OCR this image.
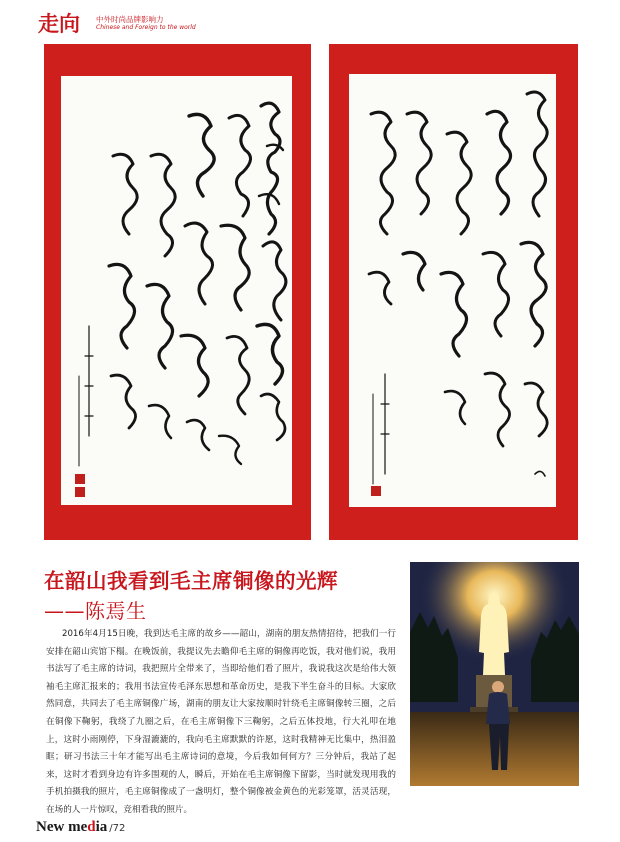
走向 中外时尚品牌影响力
Chinese and Foreign to the world
在韶山我看到毛主席铜像的光辉
——陈焉生
2016年4月15日晚，我到达毛主席的故乡——韶山，湖南的朋友热情招待，把我们一行安排在韶山宾馆下榻。在晚饭前，我提议先去瞻仰毛主席的铜像再吃饭，我对他们说，我用书法写了毛主席的诗词，我把照片全带来了，当即给他们看了照片，我说我这次是给伟大领袖毛主席汇报来的；我用书法宣传毛泽东思想和革命历史，是我下半生奋斗的目标。大家欣然同意，共同去了毛主席铜像广场，湖南的朋友让大家按顺时针绕毛主席铜像转三圈，之后在铜像下鞠躬，我绕了九圈之后，在毛主席铜像下三鞠躬，之后五体投地，行大礼叩在地上，这时小雨刚停，下身湿漉漉的，我向毛主席默默的许愿，这时我精神无比集中，热泪盈眶；研习书法三十年才能写出毛主席诗词的意境，今后我如何何方？三分钟后，我站了起来，这时才看到身边有许多围观的人，瞬后，开始在毛主席铜像下留影，当时就发现用我的手机拍摄我的照片，毛主席铜像成了一盏明灯，整个铜像被金黄色的光彩笼罩，活灵活现，在场的人一片惊叹，竞相看我的照片。
New media /72
